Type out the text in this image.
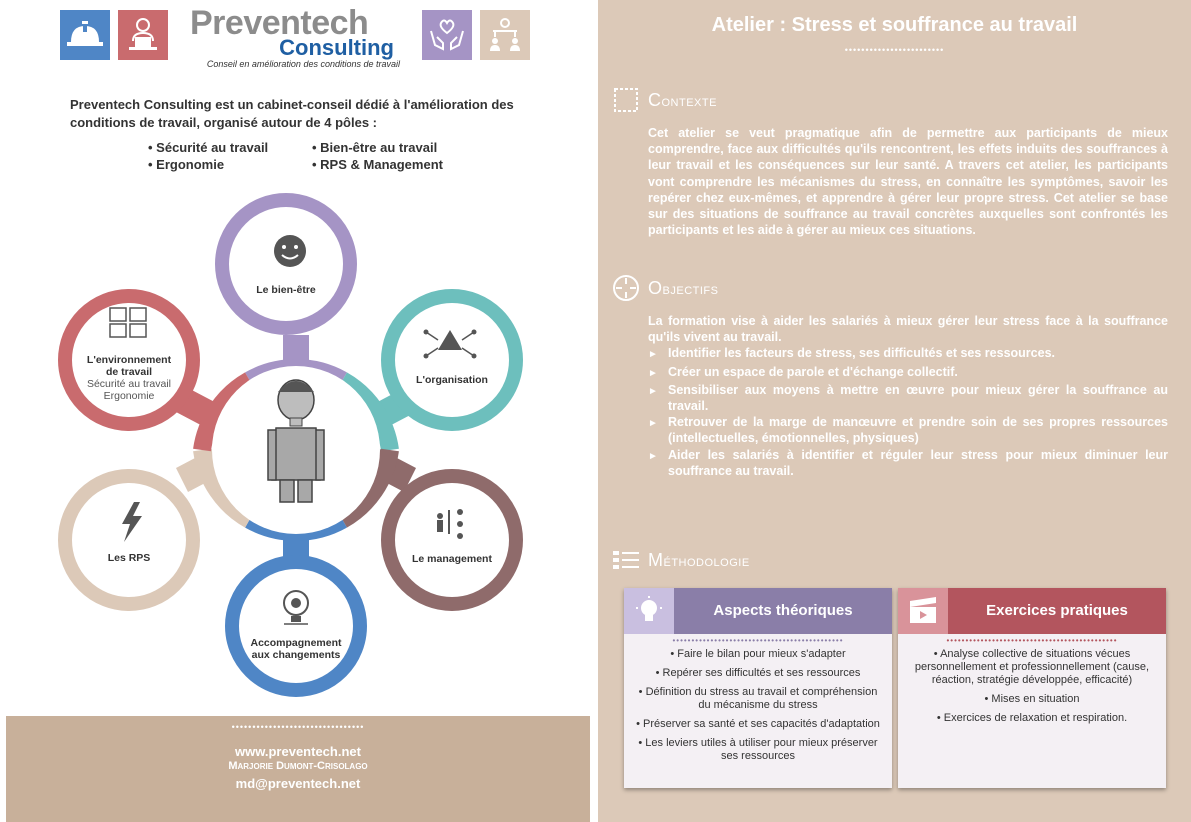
Preventech
Consulting
Conseil en amélioration des conditions de travail
Preventech Consulting est un cabinet-conseil dédié à l'amélioration des conditions de travail, organisé autour de 4 pôles :
• Sécurité au travail	• Bien-être au travail
• Ergonomie	• RPS & Management
Le bien-être
L'environnement
de travail
Sécurité au travail
Ergonomie
L'organisation
Les RPS	Le management
Accompagnement
aux changements
••••••••••••••••••••••••••••••••
www.preventech.net
Marjorie Dumont-Crisolago
md@preventech.net
Atelier : Stress et souffrance au travail
••••••••••••••••••••••••
Contexte
Cet atelier se veut pragmatique afin de permettre aux participants de mieux comprendre, face aux difficultés qu'ils rencontrent, les effets induits des souffrances à leur travail et les conséquences sur leur santé. A travers cet atelier, les participants vont comprendre les mécanismes du stress, en connaître les symptômes, savoir les repérer chez eux-mêmes, et apprendre à gérer leur propre stress. Cet atelier se base sur des situations de souffrance au travail concrètes auxquelles sont confrontés les participants et les aide à gérer au mieux ces situations.
Objectifs
La formation vise à aider les salariés à mieux gérer leur stress face à la souffrance qu'ils vivent au travail.
► Identifier les facteurs de stress, ses difficultés et ses ressources.
► Créer un espace de parole et d'échange collectif.
► Sensibiliser aux moyens à mettre en œuvre pour mieux gérer la souffrance au travail.
► Retrouver de la marge de manœuvre et prendre soin de ses propres ressources (intellectuelles, émotionnelles, physiques)
► Aider les salariés à identifier et réguler leur stress pour mieux diminuer leur souffrance au travail.
Méthodologie
Aspects théoriques
•••••••••••••••••••••••••••••••••••••••••••••
• Faire le bilan pour mieux s'adapter
• Repérer ses difficultés et ses ressources
• Définition du stress au travail et compréhension du mécanisme du stress
• Préserver sa santé et ses capacités d'adaptation
• Les leviers utiles à utiliser pour mieux préserver ses ressources
Exercices pratiques
•••••••••••••••••••••••••••••••••••••••••••••
• Analyse collective de situations vécues personnellement et professionnellement (cause, réaction, stratégie développée, efficacité)
• Mises en situation
• Exercices de relaxation et respiration.
